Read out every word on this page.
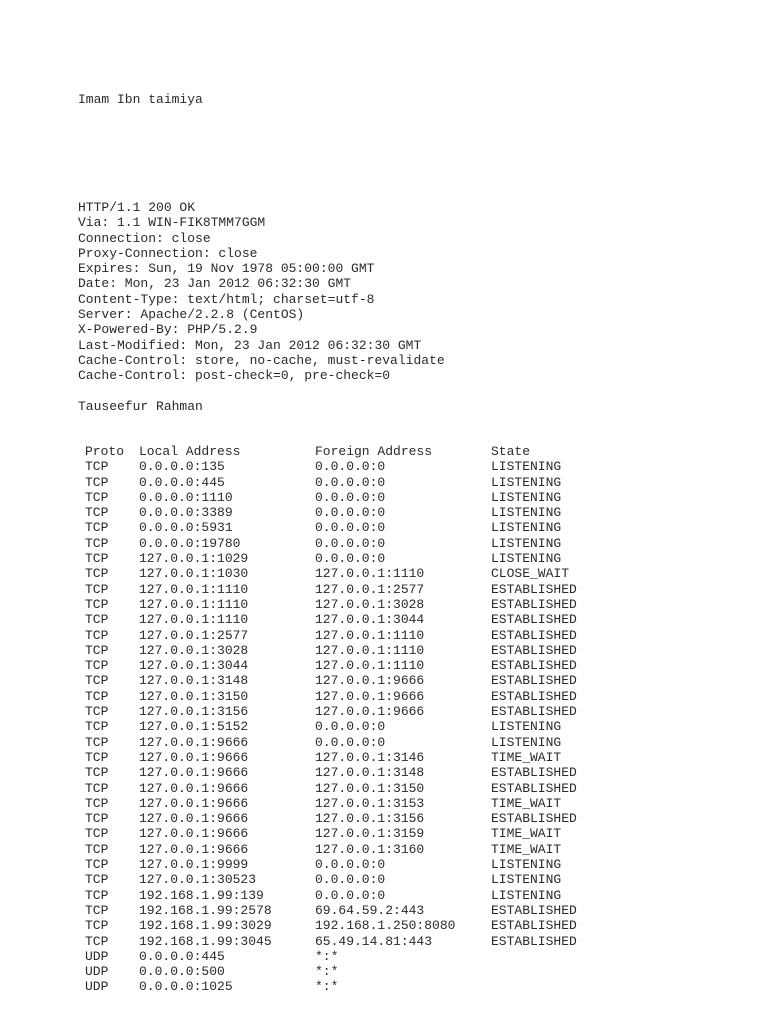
Imam Ibn taimiya
HTTP/1.1 200 OK
Via: 1.1 WIN-FIK8TMM7GGM
Connection: close
Proxy-Connection: close
Expires: Sun, 19 Nov 1978 05:00:00 GMT
Date: Mon, 23 Jan 2012 06:32:30 GMT
Content-Type: text/html; charset=utf-8
Server: Apache/2.2.8 (CentOS)
X-Powered-By: PHP/5.2.9
Last-Modified: Mon, 23 Jan 2012 06:32:30 GMT
Cache-Control: store, no-cache, must-revalidate
Cache-Control: post-check=0, pre-check=0
Tauseefur Rahman
Proto	Local Address	Foreign Address	State
TCP	0.0.0.0:135	0.0.0.0:0	LISTENING
TCP	0.0.0.0:445	0.0.0.0:0	LISTENING
TCP	0.0.0.0:1110	0.0.0.0:0	LISTENING
TCP	0.0.0.0:3389	0.0.0.0:0	LISTENING
TCP	0.0.0.0:5931	0.0.0.0:0	LISTENING
TCP	0.0.0.0:19780	0.0.0.0:0	LISTENING
TCP	127.0.0.1:1029	0.0.0.0:0	LISTENING
TCP	127.0.0.1:1030	127.0.0.1:1110	CLOSE_WAIT
TCP	127.0.0.1:1110	127.0.0.1:2577	ESTABLISHED
TCP	127.0.0.1:1110	127.0.0.1:3028	ESTABLISHED
TCP	127.0.0.1:1110	127.0.0.1:3044	ESTABLISHED
TCP	127.0.0.1:2577	127.0.0.1:1110	ESTABLISHED
TCP	127.0.0.1:3028	127.0.0.1:1110	ESTABLISHED
TCP	127.0.0.1:3044	127.0.0.1:1110	ESTABLISHED
TCP	127.0.0.1:3148	127.0.0.1:9666	ESTABLISHED
TCP	127.0.0.1:3150	127.0.0.1:9666	ESTABLISHED
TCP	127.0.0.1:3156	127.0.0.1:9666	ESTABLISHED
TCP	127.0.0.1:5152	0.0.0.0:0	LISTENING
TCP	127.0.0.1:9666	0.0.0.0:0	LISTENING
TCP	127.0.0.1:9666	127.0.0.1:3146	TIME_WAIT
TCP	127.0.0.1:9666	127.0.0.1:3148	ESTABLISHED
TCP	127.0.0.1:9666	127.0.0.1:3150	ESTABLISHED
TCP	127.0.0.1:9666	127.0.0.1:3153	TIME_WAIT
TCP	127.0.0.1:9666	127.0.0.1:3156	ESTABLISHED
TCP	127.0.0.1:9666	127.0.0.1:3159	TIME_WAIT
TCP	127.0.0.1:9666	127.0.0.1:3160	TIME_WAIT
TCP	127.0.0.1:9999	0.0.0.0:0	LISTENING
TCP	127.0.0.1:30523	0.0.0.0:0	LISTENING
TCP	192.168.1.99:139	0.0.0.0:0	LISTENING
TCP	192.168.1.99:2578	69.64.59.2:443	ESTABLISHED
TCP	192.168.1.99:3029	192.168.1.250:8080	ESTABLISHED
TCP	192.168.1.99:3045	65.49.14.81:443	ESTABLISHED
UDP	0.0.0.0:445	*:*	
UDP	0.0.0.0:500	*:*	
UDP	0.0.0.0:1025	*:*	
